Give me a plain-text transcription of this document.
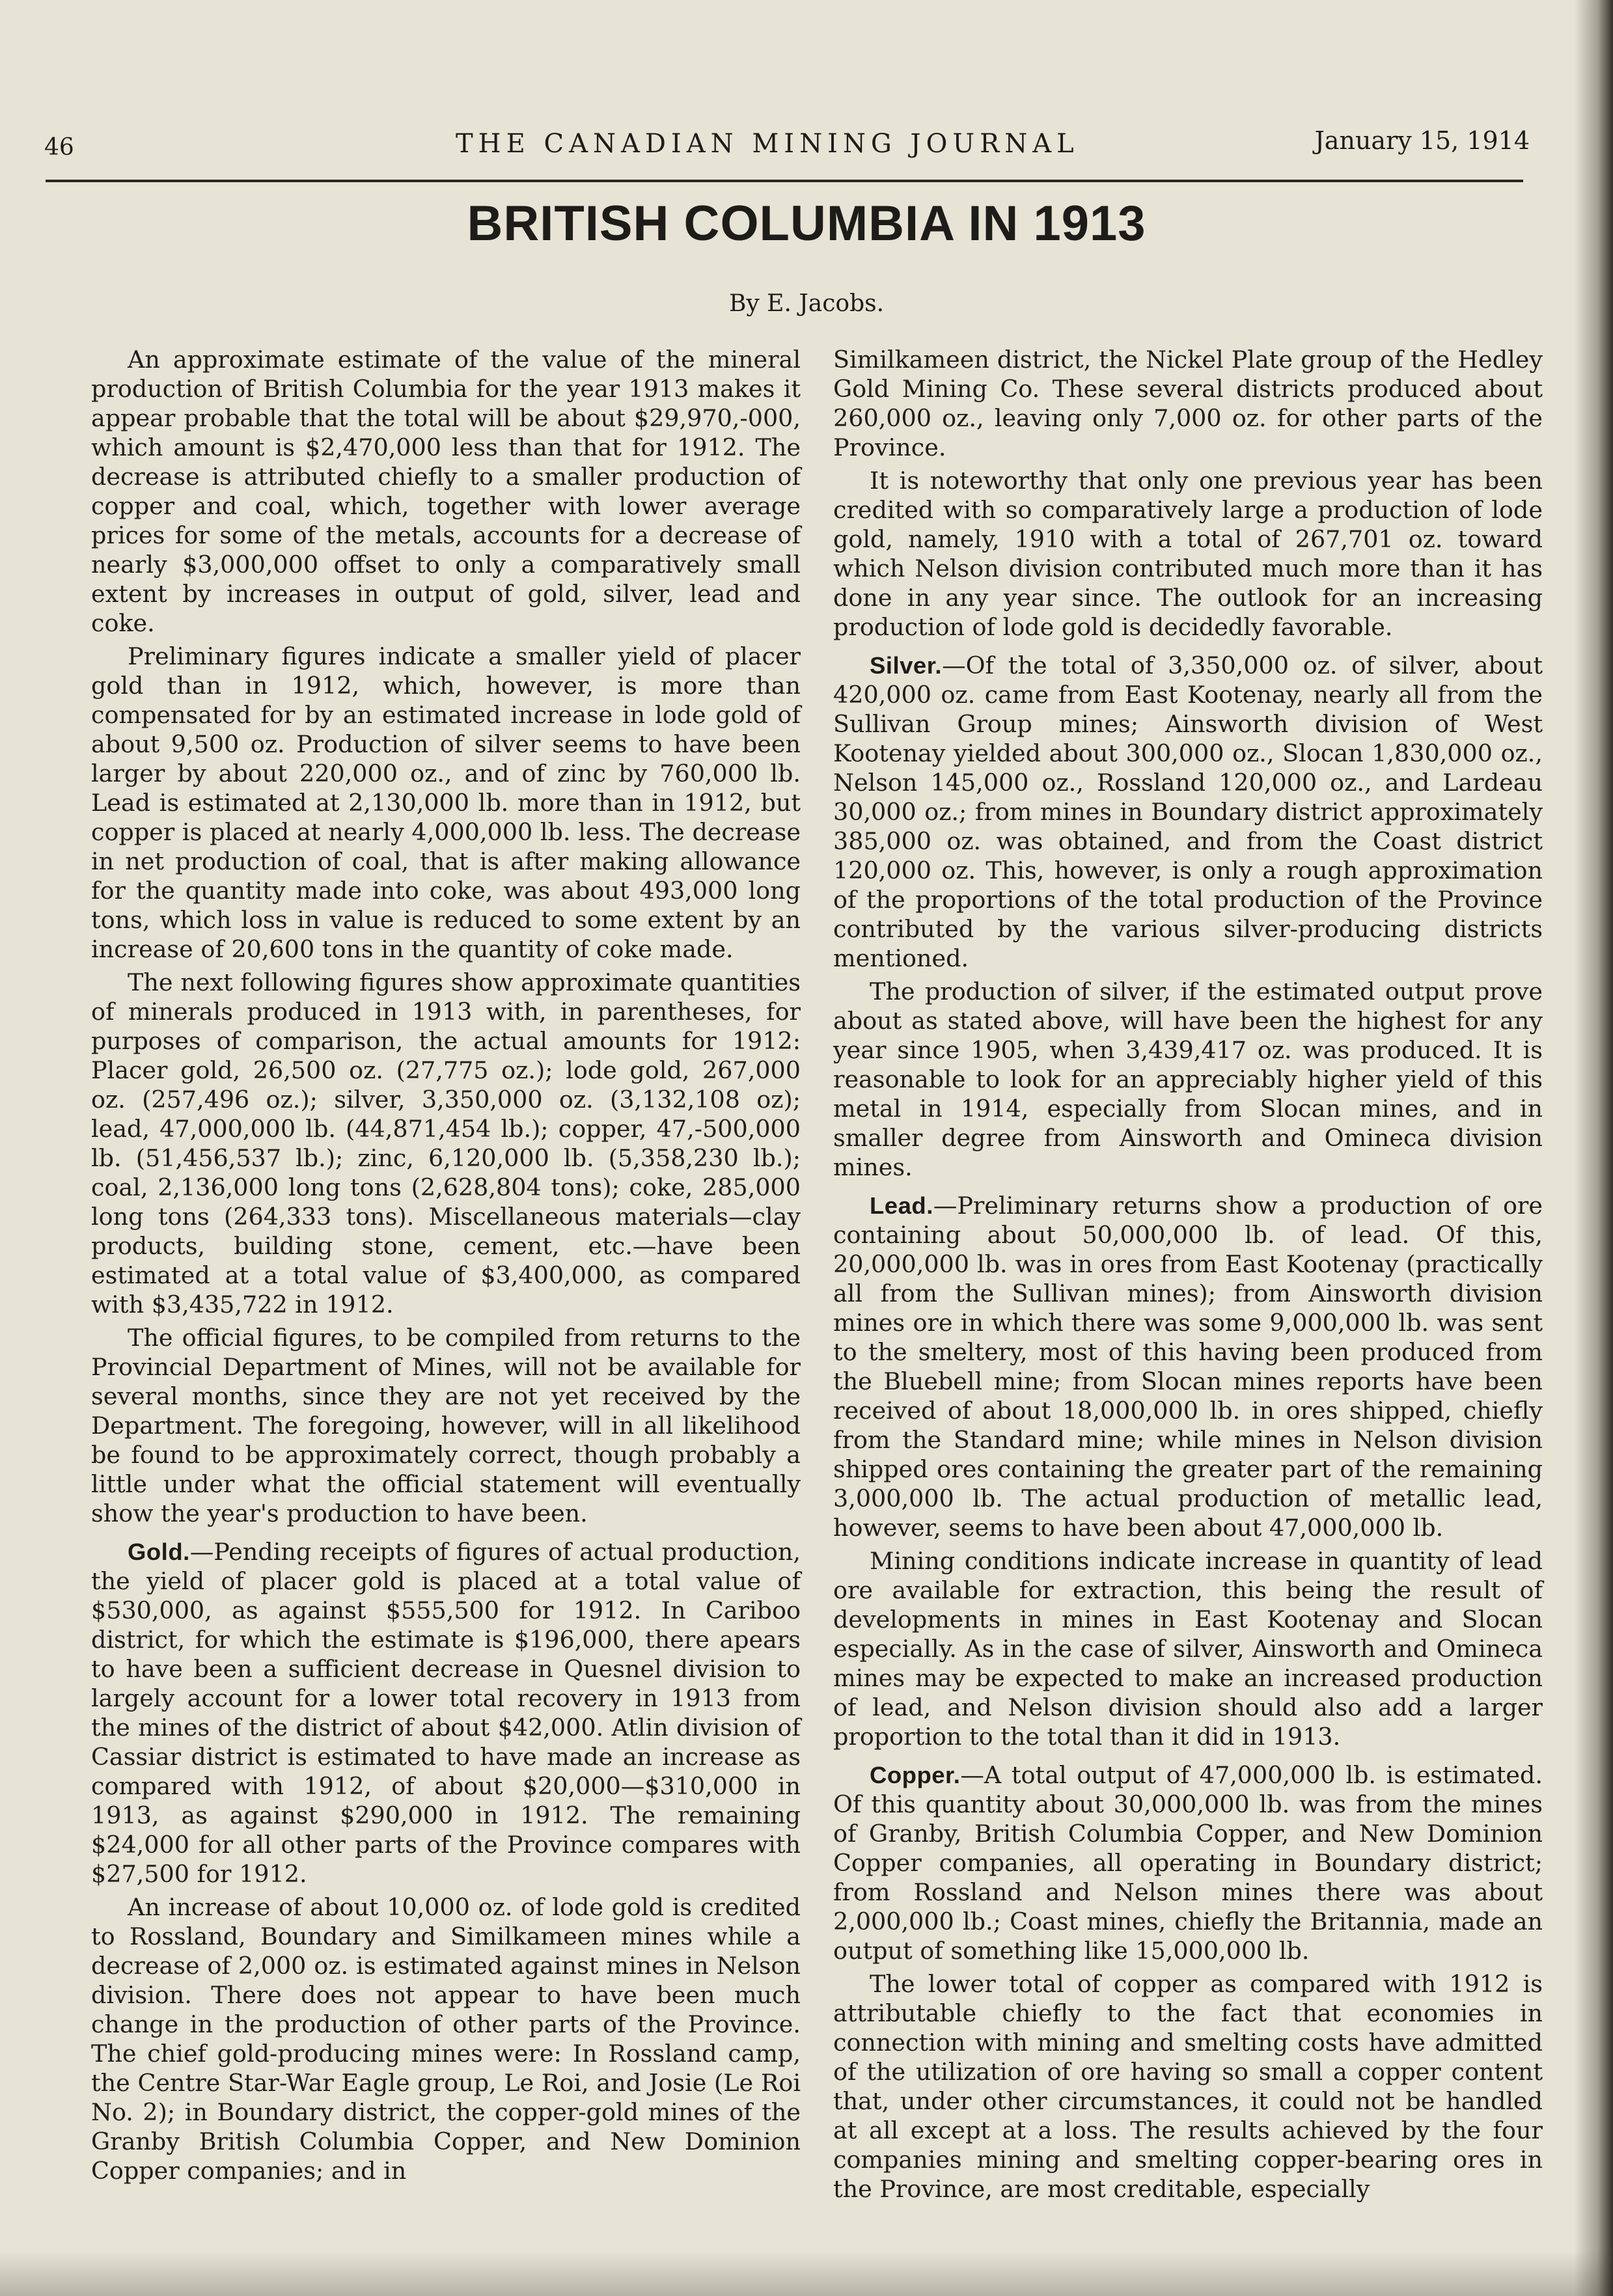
46	THE CANADIAN MINING JOURNAL	January 15, 1914
BRITISH COLUMBIA IN 1913
By E. Jacobs.

An approximate estimate of the value of the mineral production of British Columbia for the year 1913 makes it appear probable that the total will be about $29,970,-000, which amount is $2,470,000 less than that for 1912. The decrease is attributed chiefly to a smaller production of copper and coal, which, together with lower average prices for some of the metals, accounts for a decrease of nearly $3,000,000 offset to only a comparatively small extent by increases in output of gold, silver, lead and coke.

Preliminary figures indicate a smaller yield of placer gold than in 1912, which, however, is more than compensated for by an estimated increase in lode gold of about 9,500 oz. Production of silver seems to have been larger by about 220,000 oz., and of zinc by 760,000 lb. Lead is estimated at 2,130,000 lb. more than in 1912, but copper is placed at nearly 4,000,000 lb. less. The decrease in net production of coal, that is after making allowance for the quantity made into coke, was about 493,000 long tons, which loss in value is reduced to some extent by an increase of 20,600 tons in the quantity of coke made.

The next following figures show approximate quantities of minerals produced in 1913 with, in parentheses, for purposes of comparison, the actual amounts for 1912: Placer gold, 26,500 oz. (27,775 oz.); lode gold, 267,000 oz. (257,496 oz.); silver, 3,350,000 oz. (3,132,108 oz); lead, 47,000,000 lb. (44,871,454 lb.); copper, 47,-500,000 lb. (51,456,537 lb.); zinc, 6,120,000 lb. (5,358,230 lb.); coal, 2,136,000 long tons (2,628,804 tons); coke, 285,000 long tons (264,333 tons). Miscellaneous materials—clay products, building stone, cement, etc.—have been estimated at a total value of $3,400,000, as compared with $3,435,722 in 1912.

The official figures, to be compiled from returns to the Provincial Department of Mines, will not be available for several months, since they are not yet received by the Department. The foregoing, however, will in all likelihood be found to be approximately correct, though probably a little under what the official statement will eventually show the year's production to have been.

Gold.—Pending receipts of figures of actual production, the yield of placer gold is placed at a total value of $530,000, as against $555,500 for 1912. In Cariboo district, for which the estimate is $196,000, there apears to have been a sufficient decrease in Quesnel division to largely account for a lower total recovery in 1913 from the mines of the district of about $42,000. Atlin division of Cassiar district is estimated to have made an increase as compared with 1912, of about $20,000—$310,000 in 1913, as against $290,000 in 1912. The remaining $24,000 for all other parts of the Province compares with $27,500 for 1912.

An increase of about 10,000 oz. of lode gold is credited to Rossland, Boundary and Similkameen mines while a decrease of 2,000 oz. is estimated against mines in Nelson division. There does not appear to have been much change in the production of other parts of the Province. The chief gold-producing mines were: In Rossland camp, the Centre Star-War Eagle group, Le Roi, and Josie (Le Roi No. 2); in Boundary district, the copper-gold mines of the Granby British Columbia Copper, and New Dominion Copper companies; and in

Similkameen district, the Nickel Plate group of the Hedley Gold Mining Co. These several districts produced about 260,000 oz., leaving only 7,000 oz. for other parts of the Province.

It is noteworthy that only one previous year has been credited with so comparatively large a production of lode gold, namely, 1910 with a total of 267,701 oz. toward which Nelson division contributed much more than it has done in any year since. The outlook for an increasing production of lode gold is decidedly favorable.

Silver.—Of the total of 3,350,000 oz. of silver, about 420,000 oz. came from East Kootenay, nearly all from the Sullivan Group mines; Ainsworth division of West Kootenay yielded about 300,000 oz., Slocan 1,830,000 oz., Nelson 145,000 oz., Rossland 120,000 oz., and Lardeau 30,000 oz.; from mines in Boundary district approximately 385,000 oz. was obtained, and from the Coast district 120,000 oz. This, however, is only a rough approximation of the proportions of the total production of the Province contributed by the various silver-producing districts mentioned.

The production of silver, if the estimated output prove about as stated above, will have been the highest for any year since 1905, when 3,439,417 oz. was produced. It is reasonable to look for an appreciably higher yield of this metal in 1914, especially from Slocan mines, and in smaller degree from Ainsworth and Omineca division mines.

Lead.—Preliminary returns show a production of ore containing about 50,000,000 lb. of lead. Of this, 20,000,000 lb. was in ores from East Kootenay (practically all from the Sullivan mines); from Ainsworth division mines ore in which there was some 9,000,000 lb. was sent to the smeltery, most of this having been produced from the Bluebell mine; from Slocan mines reports have been received of about 18,000,000 lb. in ores shipped, chiefly from the Standard mine; while mines in Nelson division shipped ores containing the greater part of the remaining 3,000,000 lb. The actual production of metallic lead, however, seems to have been about 47,000,000 lb.

Mining conditions indicate increase in quantity of lead ore available for extraction, this being the result of developments in mines in East Kootenay and Slocan especially. As in the case of silver, Ainsworth and Omineca mines may be expected to make an increased production of lead, and Nelson division should also add a larger proportion to the total than it did in 1913.

Copper.—A total output of 47,000,000 lb. is estimated. Of this quantity about 30,000,000 lb. was from the mines of Granby, British Columbia Copper, and New Dominion Copper companies, all operating in Boundary district; from Rossland and Nelson mines there was about 2,000,000 lb.; Coast mines, chiefly the Britannia, made an output of something like 15,000,000 lb.

The lower total of copper as compared with 1912 is attributable chiefly to the fact that economies in connection with mining and smelting costs have admitted of the utilization of ore having so small a copper content that, under other circumstances, it could not be handled at all except at a loss. The results achieved by the four companies mining and smelting copper-bearing ores in the Province, are most creditable, especially
